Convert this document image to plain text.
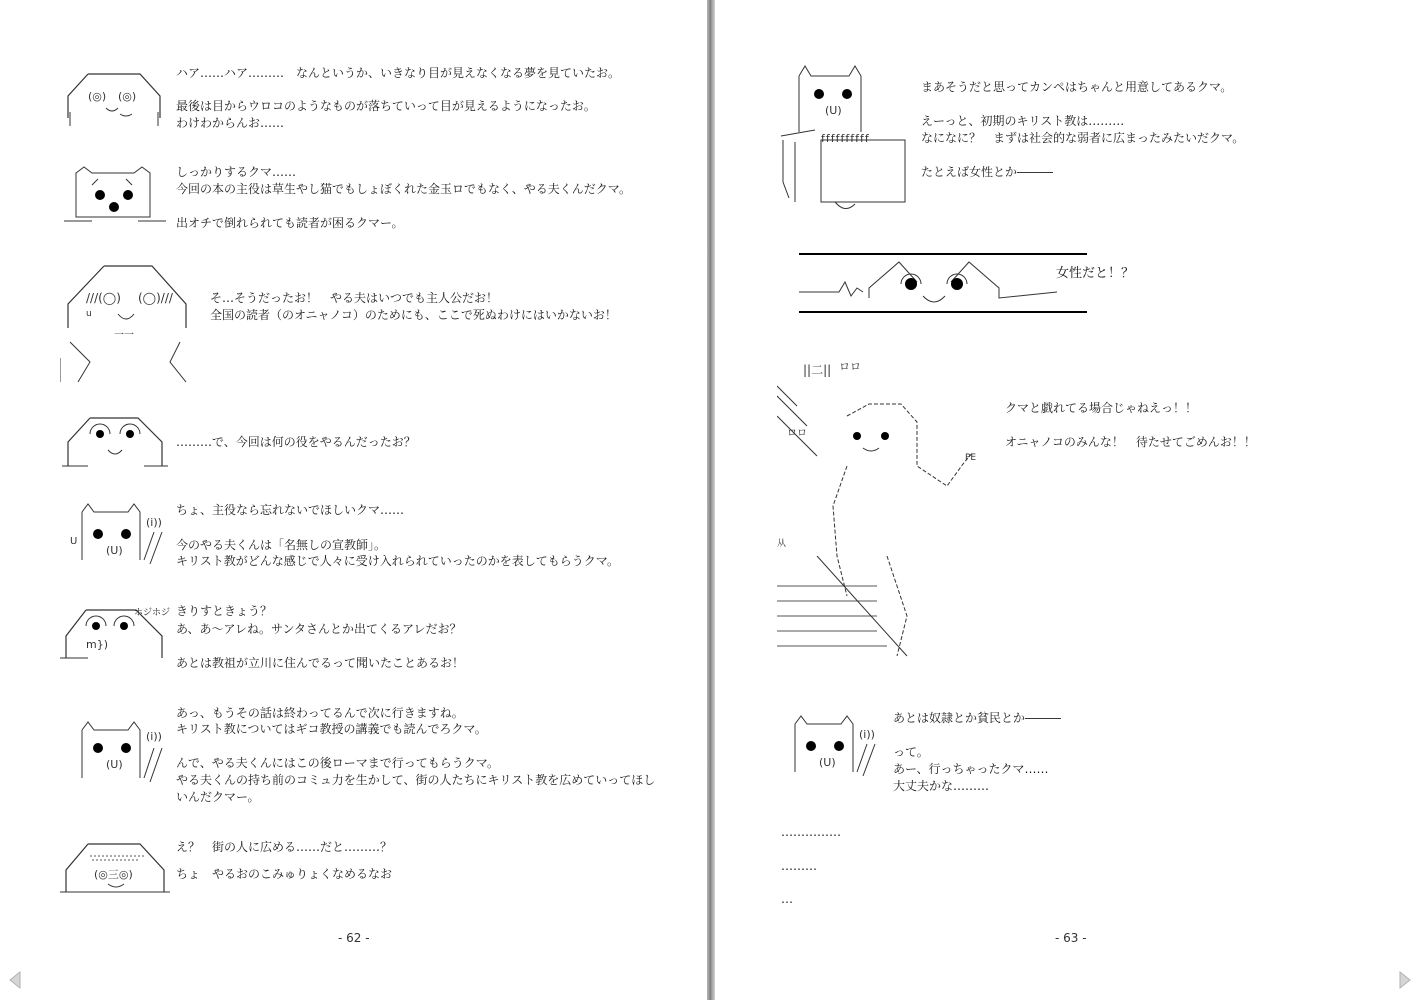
(◎) (◎)
ハア……ハア………　なんというか、いきなり目が見えなくなる夢を見ていたお。
最後は目からウロコのようなものが落ちていって目が見えるようになったお。
わけわからんお……
しっかりするクマ……
今回の本の主役は草生やし猫でもしょぼくれた金玉ロでもなく、やる夫くんだクマ。
出オチで倒れられても読者が困るクマー。
///(◯) (◯)///
u
一一
そ…そうだったお！　やる夫はいつでも主人公だお！
全国の読者（のオニャノコ）のためにも、ここで死ぬわけにはいかないお！
………で、今回は何の役をやるんだったお？
(U)
(i))
U
ちょ、主役なら忘れないでほしいクマ……
今のやる夫くんは「名無しの宣教師」。
キリスト教がどんな感じで人々に受け入れられていったのかを表してもらうクマ。
m})
ホジホジ きりすときょう？
あ、あ～アレね。サンタさんとか出てくるアレだお？
あとは教祖が立川に住んでるって聞いたことあるお！
(U)
(i))
あっ、もうその話は終わってるんで次に行きますね。
キリスト教についてはギコ教授の講義でも読んでろクマ。
んで、やる夫くんにはこの後ローマまで行ってもらうクマ。
やる夫くんの持ち前のコミュ力を生かして、街の人たちにキリスト教を広めていってほし
いんだクマー。
(◎三◎)
え？　街の人に広める……だと………？
ちょ　やるおのこみゅりょくなめるなお
- 62 -
(U)
ffffffffff
まあそうだと思ってカンペはちゃんと用意してあるクマ。
えーっと、初期のキリスト教は………
なになに？　まずは社会的な弱者に広まったみたいだクマ。
たとえば女性とか―――
女性だと！？
||二|| ロロ
PE
ロロ
从
クマと戯れてる場合じゃねえっ！！
オニャノコのみんな！　待たせてごめんお！！
(U)
(i))
あとは奴隷とか貧民とか―――
って。
あー、行っちゃったクマ……
大丈夫かな………
……………
………
…
- 63 -
